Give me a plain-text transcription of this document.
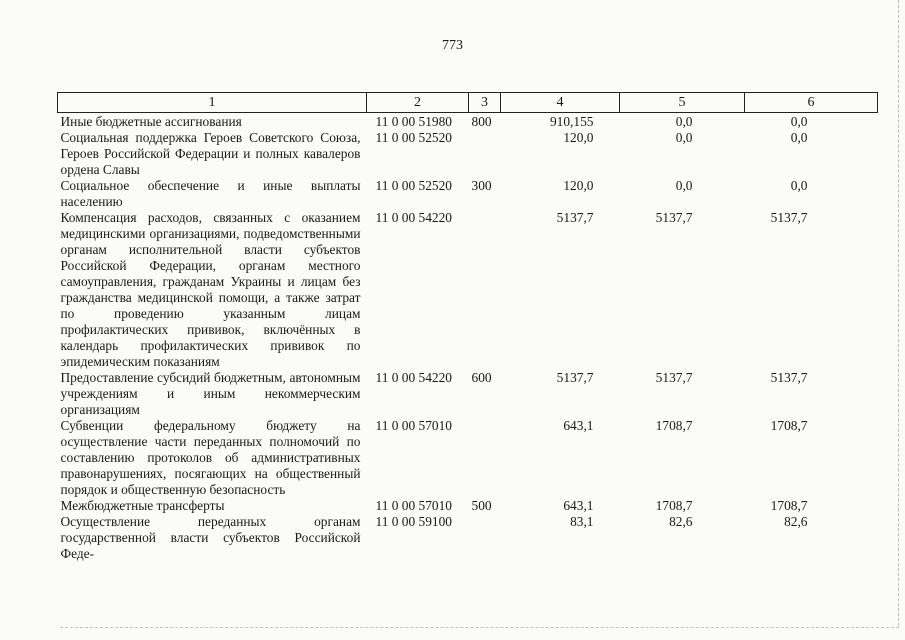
773
1	2	3	4	5	6
Иные бюджетные ассигнования	11 0 00 51980	800	910,155	0,0	0,0
Социальная поддержка Героев Советского Союза, Героев Российской Федерации и полных кавалеров ордена Славы	11 0 00 52520		120,0	0,0	0,0
Социальное обеспечение и иные выплаты населению	11 0 00 52520	300	120,0	0,0	0,0
Компенсация расходов, связанных с оказанием медицинскими организациями, подведомственными органам исполнительной власти субъектов Российской Федерации, органам местного самоуправления, гражданам Украины и лицам без гражданства медицинской помощи, а также затрат по проведению указанным лицам профилактических прививок, включённых в календарь профилактических прививок по эпидемическим показаниям	11 0 00 54220		5137,7	5137,7	5137,7
Предоставление субсидий бюджетным, автономным учреждениям и иным некоммерческим организациям	11 0 00 54220	600	5137,7	5137,7	5137,7
Субвенции федеральному бюджету на осуществление части переданных полномочий по составлению протоколов об административных правонарушениях, посягающих на общественный порядок и общественную безопасность	11 0 00 57010		643,1	1708,7	1708,7
Межбюджетные трансферты	11 0 00 57010	500	643,1	1708,7	1708,7
Осуществление переданных органам государственной власти субъектов Российской Феде-	11 0 00 59100		83,1	82,6	82,6
